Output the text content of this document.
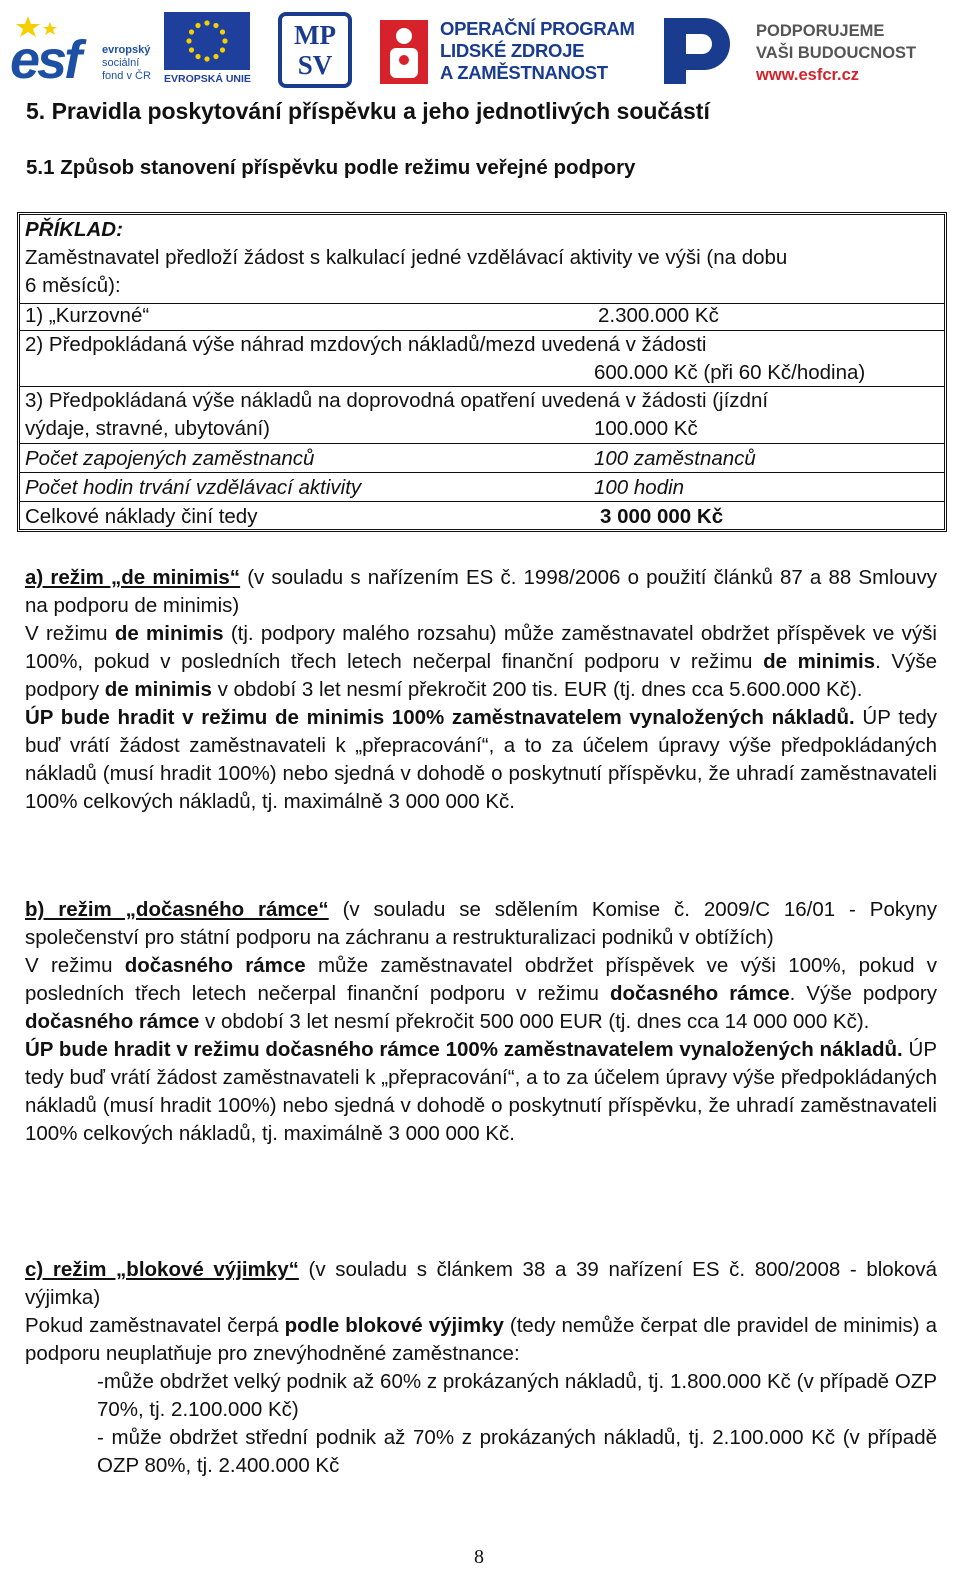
esf evropský
sociální
fond v ČR EVROPSKÁ UNIE
MP
SV
OPERAČNÍ PROGRAM
LIDSKÉ ZDROJE
A ZAMĚSTNANOST
PODPORUJEME
VAŠI BUDOUCNOST
www.esfcr.cz
5. Pravidla poskytování příspěvku a jeho jednotlivých součástí
5.1 Způsob stanovení příspěvku podle režimu veřejné podpory
PŘÍKLAD:
Zaměstnavatel předloží žádost s kalkulací jedné vzdělávací aktivity ve výši (na dobu
6 měsíců):
1) „Kurzovné“	2.300.000 Kč
2) Předpokládaná výše náhrad mzdových nákladů/mezd uvedená v žádosti
600.000 Kč (při 60 Kč/hodina)
3) Předpokládaná výše nákladů na doprovodná opatření uvedená v žádosti (jízdní
výdaje, stravné, ubytování)	100.000 Kč
Počet zapojených zaměstnanců	100 zaměstnanců
Počet hodin trvání vzdělávací aktivity	100 hodin
Celkové náklady činí tedy	3 000 000 Kč
a) režim „de minimis“ (v souladu s nařízením ES č. 1998/2006 o použití článků 87 a 88 Smlouvy na podporu de minimis)
V režimu de minimis (tj. podpory malého rozsahu) může zaměstnavatel obdržet příspěvek ve výši 100%, pokud v posledních třech letech nečerpal finanční podporu v režimu de minimis. Výše podpory de minimis v období 3 let nesmí překročit 200 tis. EUR (tj. dnes cca 5.600.000 Kč).
ÚP bude hradit v režimu de minimis 100% zaměstnavatelem vynaložených nákladů. ÚP tedy buď vrátí žádost zaměstnavateli k „přepracování“, a to za účelem úpravy výše předpokládaných nákladů (musí hradit 100%) nebo sjedná v dohodě o poskytnutí příspěvku, že uhradí zaměstnavateli 100% celkových nákladů, tj. maximálně 3 000 000 Kč.
b) režim „dočasného rámce“ (v souladu se sdělením Komise č. 2009/C 16/01 - Pokyny společenství pro státní podporu na záchranu a restrukturalizaci podniků v obtížích)
V režimu dočasného rámce může zaměstnavatel obdržet příspěvek ve výši 100%, pokud v posledních třech letech nečerpal finanční podporu v režimu dočasného rámce. Výše podpory dočasného rámce v období 3 let nesmí překročit 500 000 EUR (tj. dnes cca 14 000 000 Kč).
ÚP bude hradit v režimu dočasného rámce 100% zaměstnavatelem vynaložených nákladů. ÚP tedy buď vrátí žádost zaměstnavateli k „přepracování“, a to za účelem úpravy výše předpokládaných nákladů (musí hradit 100%) nebo sjedná v dohodě o poskytnutí příspěvku, že uhradí zaměstnavateli 100% celkových nákladů, tj. maximálně 3 000 000 Kč.
c) režim „blokové výjimky“ (v souladu s článkem 38 a 39 nařízení ES č. 800/2008 - bloková výjimka)
Pokud zaměstnavatel čerpá podle blokové výjimky (tedy nemůže čerpat dle pravidel de minimis) a podporu neuplatňuje pro znevýhodněné zaměstnance:
-může obdržet velký podnik až 60% z prokázaných nákladů, tj. 1.800.000 Kč (v případě OZP 70%, tj. 2.100.000 Kč)
- může obdržet střední podnik až 70% z prokázaných nákladů, tj. 2.100.000 Kč (v případě OZP 80%, tj. 2.400.000 Kč
8
